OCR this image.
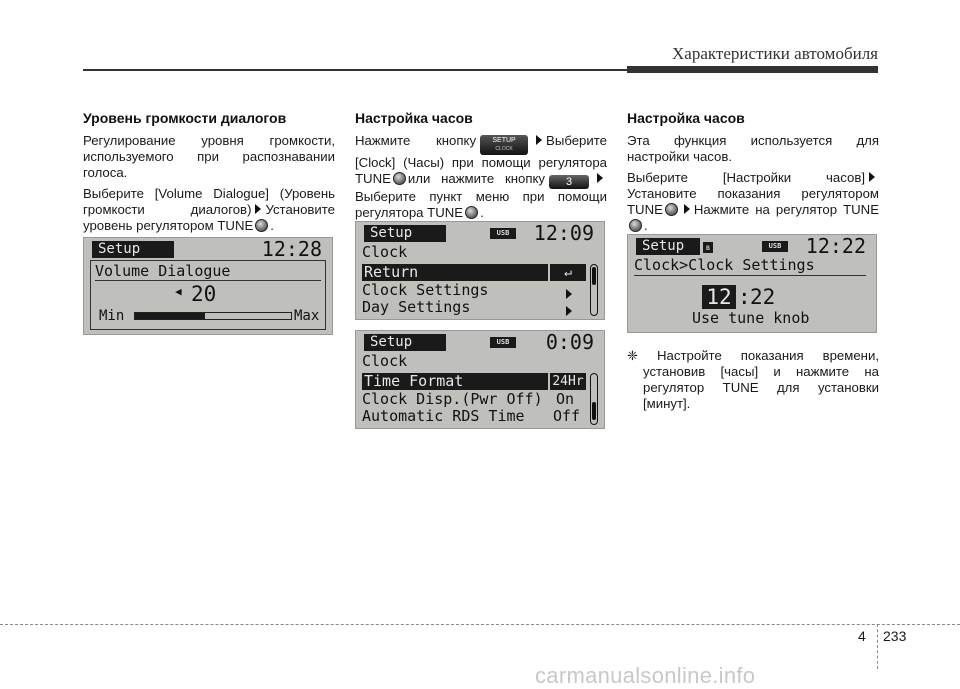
Характеристики автомобиля
Уровень громкости диалогов

Регулирование уровня громкости, используемого при распознавании голоса.

Выберите [Volume Dialogue] (Уровень громкости диалогов) Установите уровень регулятором TUNE .

Setup	12:28
Volume Dialogue
◀ 20
Min	Max
Настройка часов

Нажмите кнопку SETUP
CLOCK
Выберите [Clock] (Часы) при помощи регулятора TUNE или нажмите кнопку 3Выберите пункт меню при помощи регулятора TUNE .

Setup	USB	12:09
Clock
Return	↵
Clock Settings
Day Settings
Setup	USB	0:09
Clock
Time Format	24Hr
Clock Disp.(Pwr Off) On
Automatic RDS Time Off
Настройка часов

Эта функция используется для настройки часов.

Выберите [Настройки часов]Установите показания регулятором TUNE Нажмите на регулятор TUNE.

Setup	ʙ	USB	12:22
Clock>Clock Settings
12 : 22
Use tune knob

❈ Настройте показания времени, установив [часы] и нажмите на регулятор TUNE для установки [минут].

4 233
carmanualsonline.info
